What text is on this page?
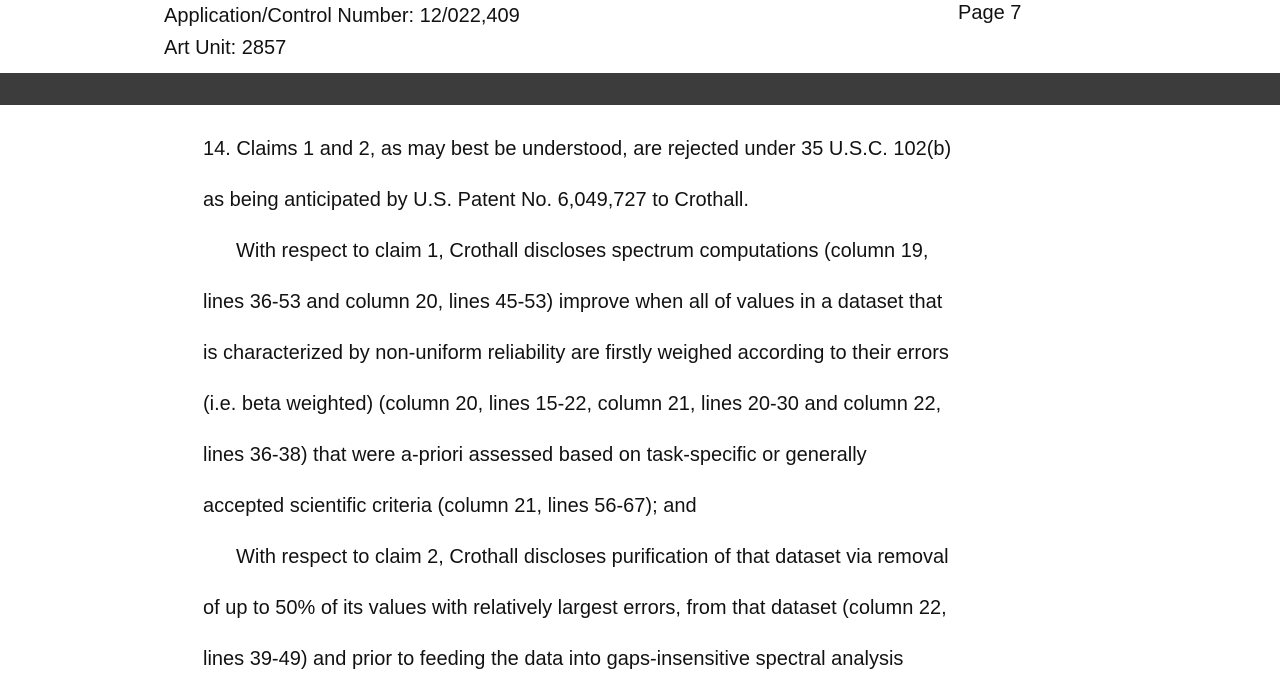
Application/Control Number: 12/022,409
Art Unit: 2857
Page 7
14. Claims 1 and 2, as may best be understood, are rejected under 35 U.S.C. 102(b)
as being anticipated by U.S. Patent No. 6,049,727 to Crothall.
With respect to claim 1, Crothall discloses spectrum computations (column 19,
lines 36-53 and column 20, lines 45-53) improve when all of values in a dataset that
is characterized by non-uniform reliability are firstly weighed according to their errors
(i.e. beta weighted) (column 20, lines 15-22, column 21, lines 20-30 and column 22,
lines 36-38) that were a-priori assessed based on task-specific or generally
accepted scientific criteria (column 21, lines 56-67); and
With respect to claim 2, Crothall discloses purification of that dataset via removal
of up to 50% of its values with relatively largest errors, from that dataset (column 22,
lines 39-49) and prior to feeding the data into gaps-insensitive spectral analysis
